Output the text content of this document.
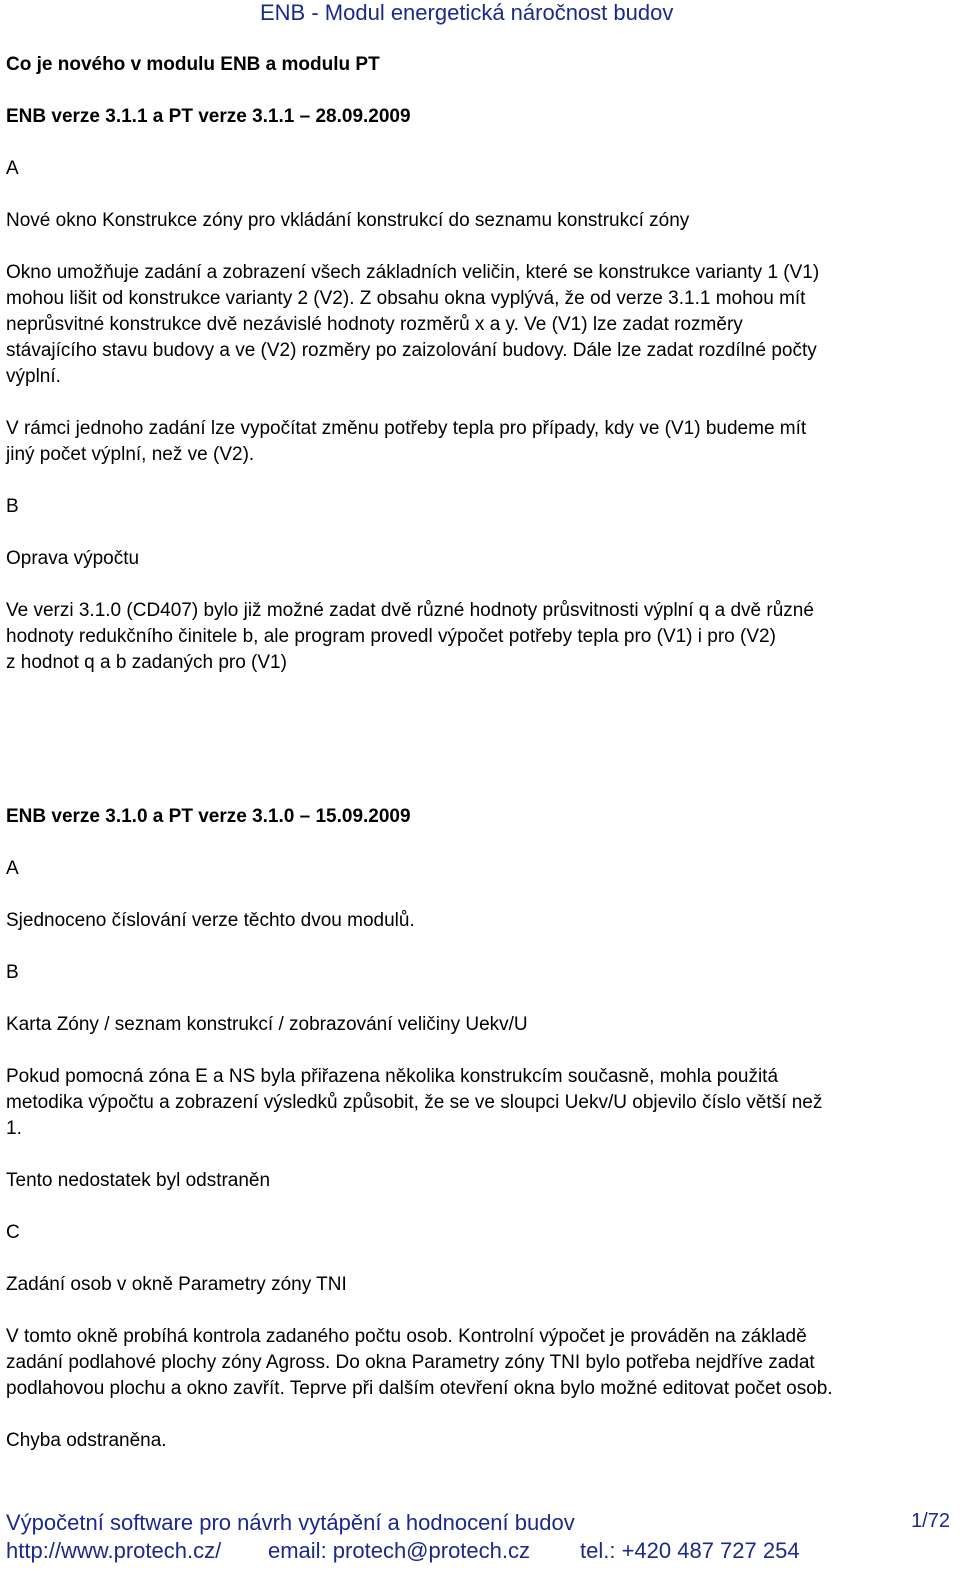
ENB - Modul energetická náročnost budov
Co je nového v modulu ENB a modulu PT
ENB verze 3.1.1 a PT verze 3.1.1 – 28.09.2009
A
Nové okno Konstrukce zóny pro vkládání konstrukcí do seznamu konstrukcí zóny
Okno umožňuje zadání a zobrazení všech základních veličin, které se konstrukce varianty 1 (V1)
mohou lišit od konstrukce varianty 2 (V2). Z obsahu okna vyplývá, že od verze 3.1.1 mohou mít
neprůsvitné konstrukce dvě nezávislé hodnoty rozměrů x a y. Ve (V1) lze zadat rozměry
stávajícího stavu budovy a ve (V2) rozměry po zaizolování budovy. Dále lze zadat rozdílné počty
výplní.
V rámci jednoho zadání lze vypočítat změnu potřeby tepla pro případy, kdy ve (V1) budeme mít
jiný počet výplní, než ve (V2).
B
Oprava výpočtu
Ve verzi 3.1.0 (CD407) bylo již možné zadat dvě různé hodnoty průsvitnosti výplní q a dvě různé
hodnoty redukčního činitele b, ale program provedl výpočet potřeby tepla pro (V1) i pro (V2)
z hodnot q a b zadaných pro (V1)
ENB verze 3.1.0 a PT verze 3.1.0 – 15.09.2009
A
Sjednoceno číslování verze těchto dvou modulů.
B
Karta Zóny / seznam konstrukcí / zobrazování veličiny Uekv/U
Pokud pomocná zóna E a NS byla přiřazena několika konstrukcím současně, mohla použitá
metodika výpočtu a zobrazení výsledků způsobit, že se ve sloupci Uekv/U objevilo číslo větší než
1.
Tento nedostatek byl odstraněn
C
Zadání osob v okně Parametry zóny TNI
V tomto okně probíhá kontrola zadaného počtu osob. Kontrolní výpočet je prováděn na základě
zadání podlahové plochy zóny Agross. Do okna Parametry zóny TNI bylo potřeba nejdříve zadat
podlahovou plochu a okno zavřít. Teprve při dalším otevření okna bylo možné editovat počet osob.
Chyba odstraněna.
Výpočetní software pro návrh vytápění a hodnocení budov	1/72
http://www.protech.cz/ email: protech@protech.cz tel.: +420 487 727 254
